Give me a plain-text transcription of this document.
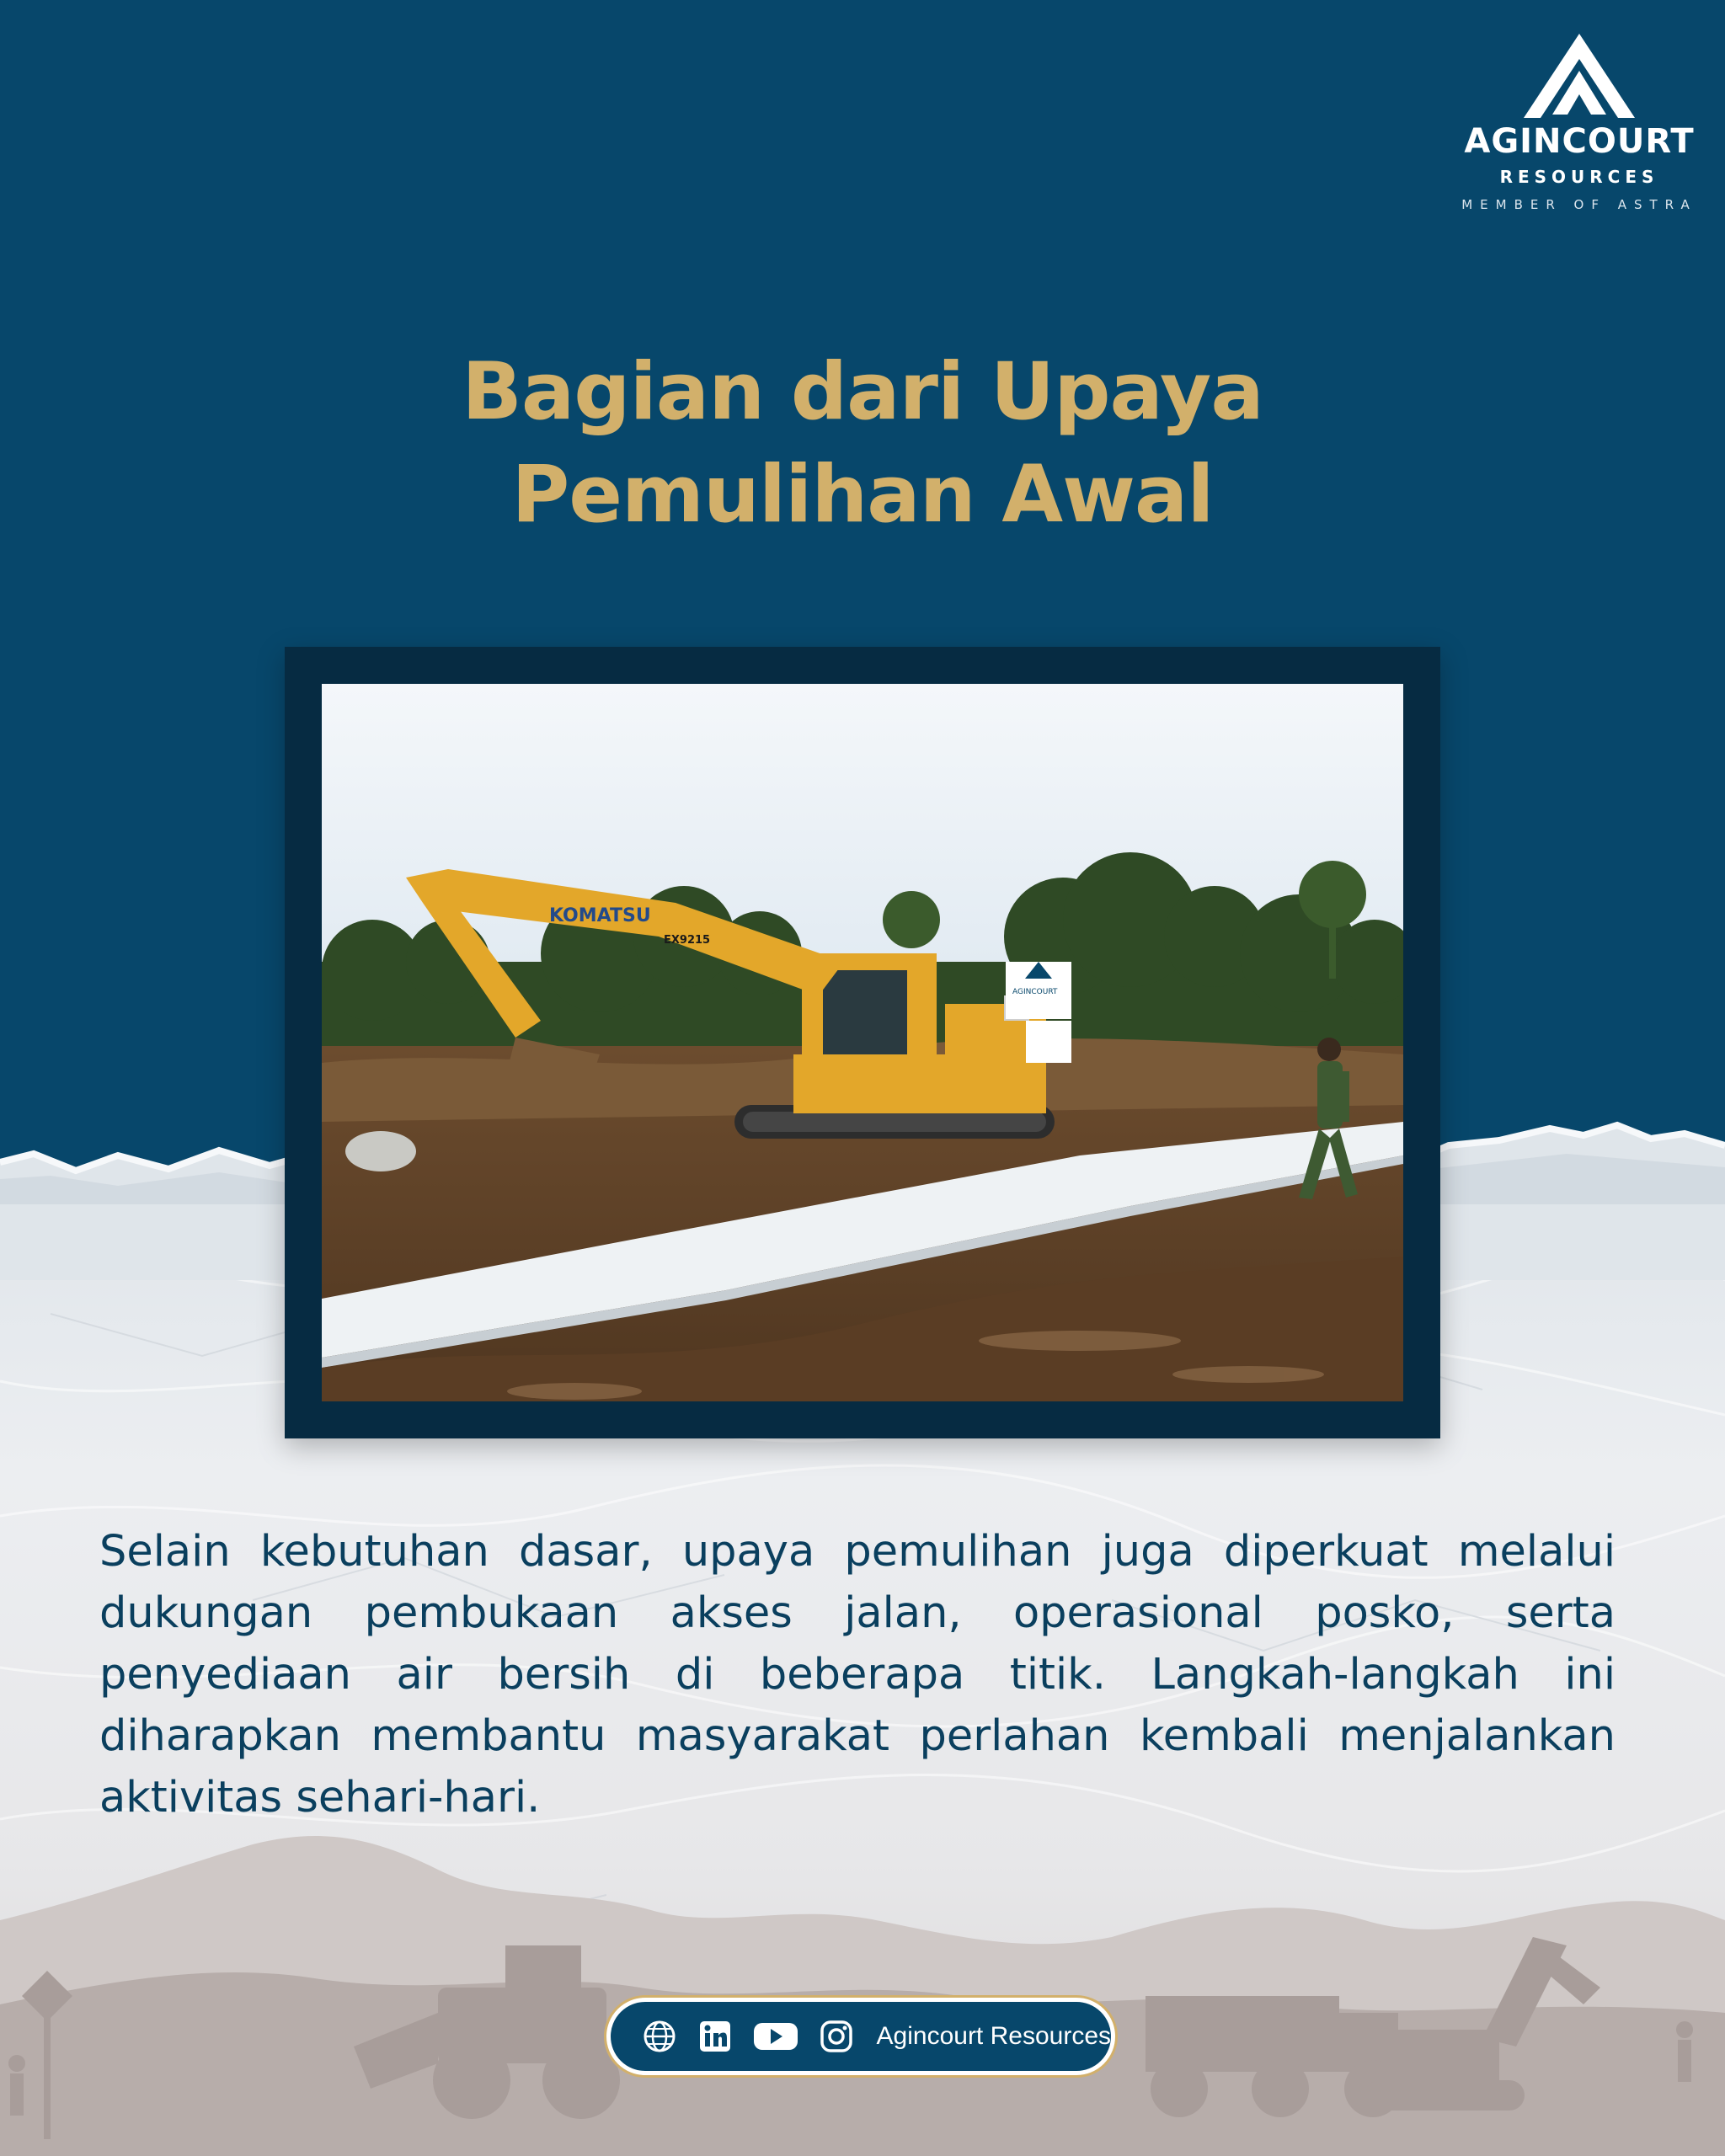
AGINCOURT
RESOURCES
MEMBER OF ASTRA
Bagian dari Upaya
Pemulihan Awal
KOMATSU
EX9215
AGINCOURT
Selain kebutuhan dasar, upaya pemulihan juga diperkuat melalui dukungan pembukaan akses jalan, operasional posko, serta penyediaan air bersih di beberapa titik. Langkah-langkah ini diharapkan membantu masyarakat perlahan kembali menjalankan aktivitas sehari-hari.
Agincourt Resources
